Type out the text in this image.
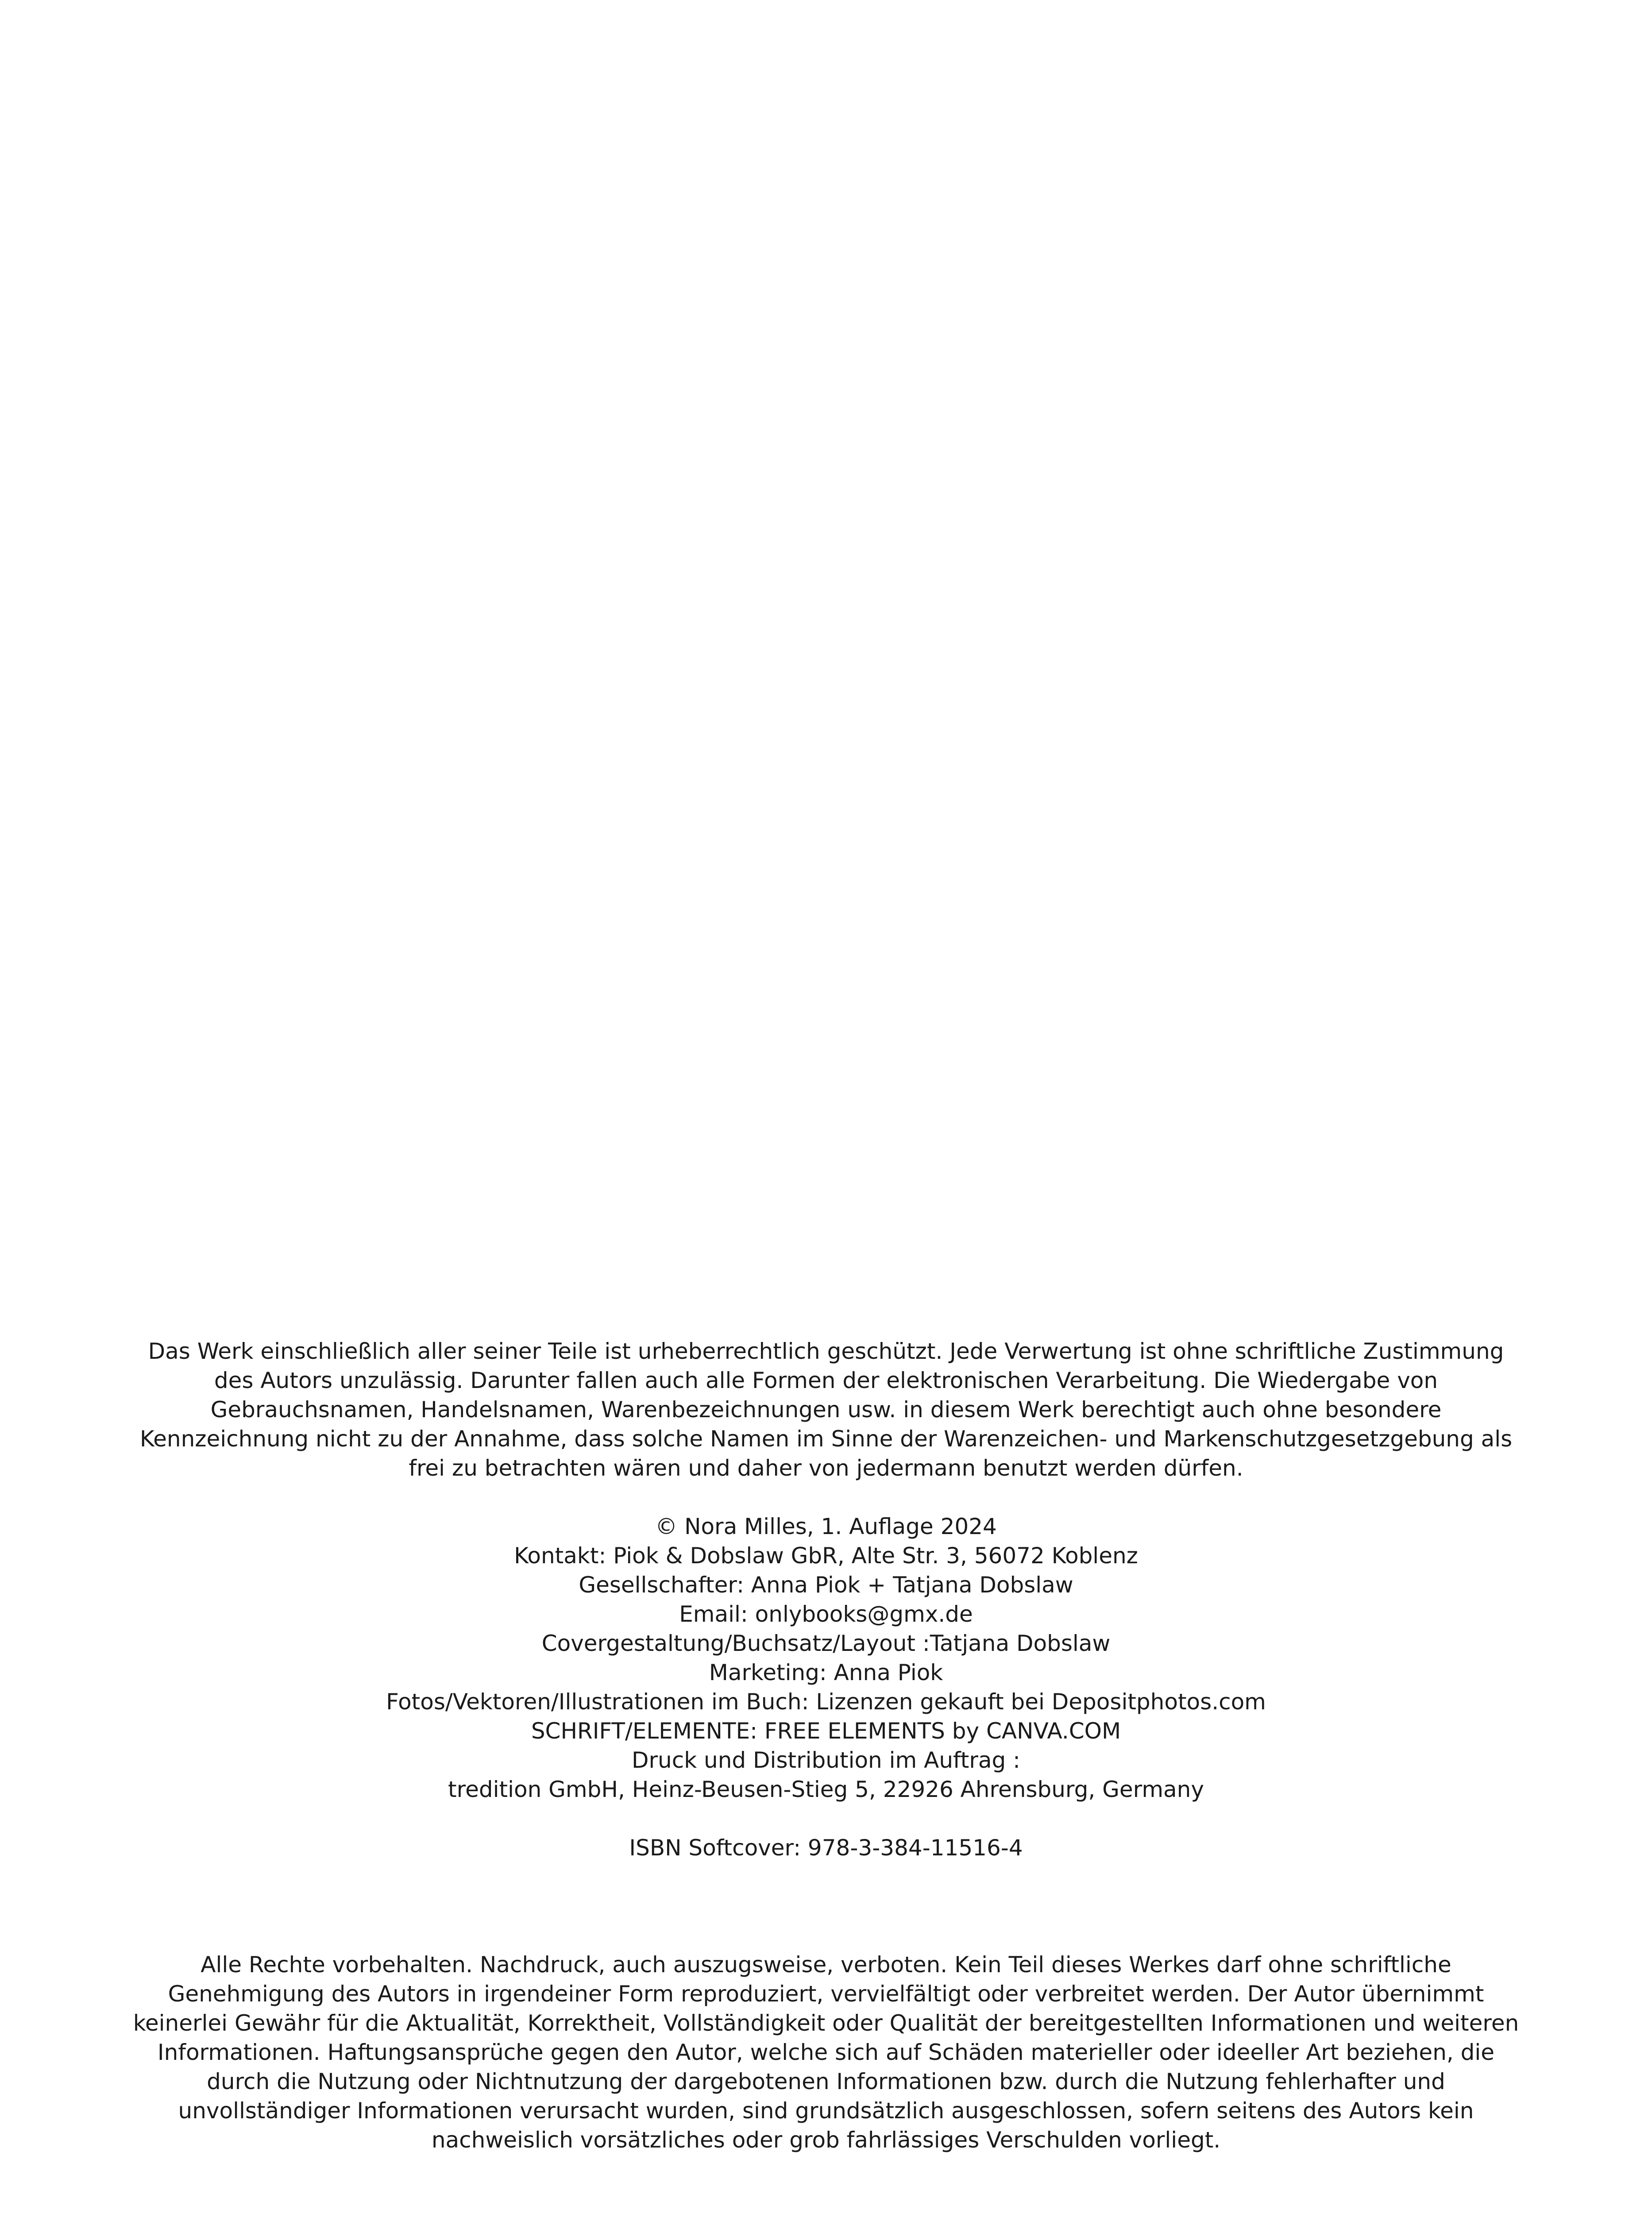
Das Werk einschließlich aller seiner Teile ist urheberrechtlich geschützt. Jede Verwertung ist ohne schriftliche Zustimmung des Autors unzulässig. Darunter fallen auch alle Formen der elektronischen Verarbeitung. Die Wiedergabe von Gebrauchsnamen, Handelsnamen, Warenbezeichnungen usw. in diesem Werk berechtigt auch ohne besondere Kennzeichnung nicht zu der Annahme, dass solche Namen im Sinne der Warenzeichen- und Markenschutzgesetzgebung als frei zu betrachten wären und daher von jedermann benutzt werden dürfen.

© Nora Milles, 1. Auflage 2024

Kontakt: Piok & Dobslaw GbR, Alte Str. 3, 56072 Koblenz

Gesellschafter: Anna Piok + Tatjana Dobslaw

Email: onlybooks@gmx.de

Covergestaltung/Buchsatz/Layout :Tatjana Dobslaw

Marketing: Anna Piok

Fotos/Vektoren/Illustrationen im Buch: Lizenzen gekauft bei Depositphotos.com

SCHRIFT/ELEMENTE: FREE ELEMENTS by CANVA.COM

Druck und Distribution im Auftrag :

tredition GmbH, Heinz-Beusen-Stieg 5, 22926 Ahrensburg, Germany

ISBN Softcover: 978-3-384-11516-4

Alle Rechte vorbehalten. Nachdruck, auch auszugsweise, verboten. Kein Teil dieses Werkes darf ohne schriftliche Genehmigung des Autors in irgendeiner Form reproduziert, vervielfältigt oder verbreitet werden. Der Autor übernimmt keinerlei Gewähr für die Aktualität, Korrektheit, Vollständigkeit oder Qualität der bereitgestellten Informationen und weiteren Informationen. Haftungsansprüche gegen den Autor, welche sich auf Schäden materieller oder ideeller Art beziehen, die durch die Nutzung oder Nichtnutzung der dargebotenen Informationen bzw. durch die Nutzung fehlerhafter und unvollständiger Informationen verursacht wurden, sind grundsätzlich ausgeschlossen, sofern seitens des Autors kein nachweislich vorsätzliches oder grob fahrlässiges Verschulden vorliegt.
